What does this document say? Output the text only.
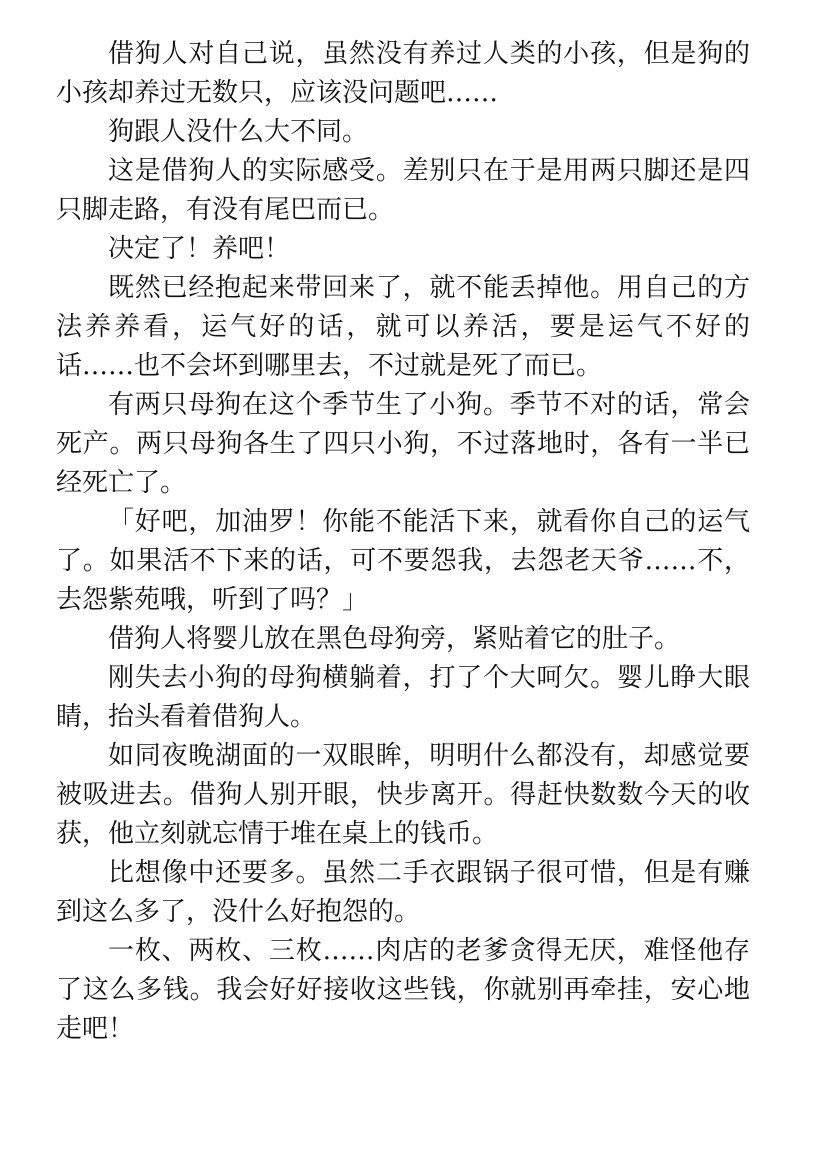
借狗人对自己说，虽然没有养过人类的小孩，但是狗的小孩却养过无数只，应该没问题吧……

狗跟人没什么大不同。

这是借狗人的实际感受。差别只在于是用两只脚还是四只脚走路，有没有尾巴而已。

决定了！养吧！

既然已经抱起来带回来了，就不能丢掉他。用自己的方法养养看，运气好的话，就可以养活，要是运气不好的话……也不会坏到哪里去，不过就是死了而已。

有两只母狗在这个季节生了小狗。季节不对的话，常会死产。两只母狗各生了四只小狗，不过落地时，各有一半已经死亡了。

「好吧，加油罗！你能不能活下来，就看你自己的运气了。如果活不下来的话，可不要怨我，去怨老天爷……不，去怨紫苑哦，听到了吗？」

借狗人将婴儿放在黑色母狗旁，紧贴着它的肚子。

刚失去小狗的母狗横躺着，打了个大呵欠。婴儿睁大眼睛，抬头看着借狗人。

如同夜晚湖面的一双眼眸，明明什么都没有，却感觉要被吸进去。借狗人别开眼，快步离开。得赶快数数今天的收获，他立刻就忘情于堆在桌上的钱币。

比想像中还要多。虽然二手衣跟锅子很可惜，但是有赚到这么多了，没什么好抱怨的。

一枚、两枚、三枚……肉店的老爹贪得无厌，难怪他存了这么多钱。我会好好接收这些钱，你就别再牵挂，安心地走吧！
